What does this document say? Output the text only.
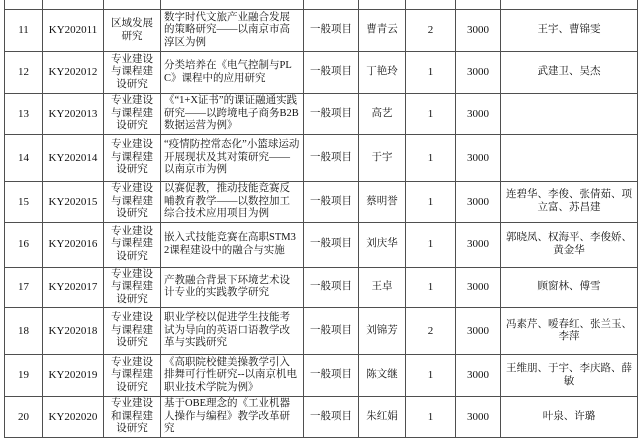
11	KY202011	区域发展研究	数字时代文旅产业融合发展的策略研究——以南京市高淳区为例	一般项目	曹青云	2	3000	王宇、曹锦雯
12	KY202012	专业建设与课程建设研究	分类培养在《电气控制与PLC》课程中的应用研究	一般项目	丁艳玲	1	3000	武建卫、吴杰
13	KY202013	专业建设与课程建设研究	《“1+X证书”的课证融通实践研究——以跨境电子商务B2B数据运营为例》	一般项目	高艺	1	3000	
14	KY202014	专业建设与课程建设研究	“疫情防控常态化”小篮球运动开展现状及其对策研究——以南京市为例	一般项目	于宇	1	3000	
15	KY202015	专业建设与课程建设研究	以赛促教，推动技能竞赛反哺教育教学——以数控加工综合技术应用项目为例	一般项目	蔡明誉	1	3000	连碧华、李俊、张倩茹、项立富、苏昌建
16	KY202016	专业建设与课程建设研究	嵌入式技能竞赛在高职STM32课程建设中的融合与实施	一般项目	刘庆华	1	3000	郭晓凤、权海平、李俊娇、黄金华
17	KY202017	专业建设与课程建设研究	产教融合背景下环境艺术设计专业的实践教学研究	一般项目	王卓	1	3000	顾窗林、傅雪
18	KY202018	专业建设与课程建设研究	职业学校以促进学生技能考试为导向的英语口语教学改革与实践研究	一般项目	刘锦芳	2	3000	冯素芹、嗳春红、张兰玉、李萍
19	KY202019	专业建设与课程建设研究	《高职院校健美操教学引入排舞可行性研究--以南京机电职业技术学院为例》	一般项目	陈文继	1	3000	王维朋、于宇、李庆路、薛敏
20	KY202020	专业建设和课程建设研究	基于OBE理念的《工业机器人操作与编程》教学改革研究	一般项目	朱红娟	1	3000	叶泉、许璐
